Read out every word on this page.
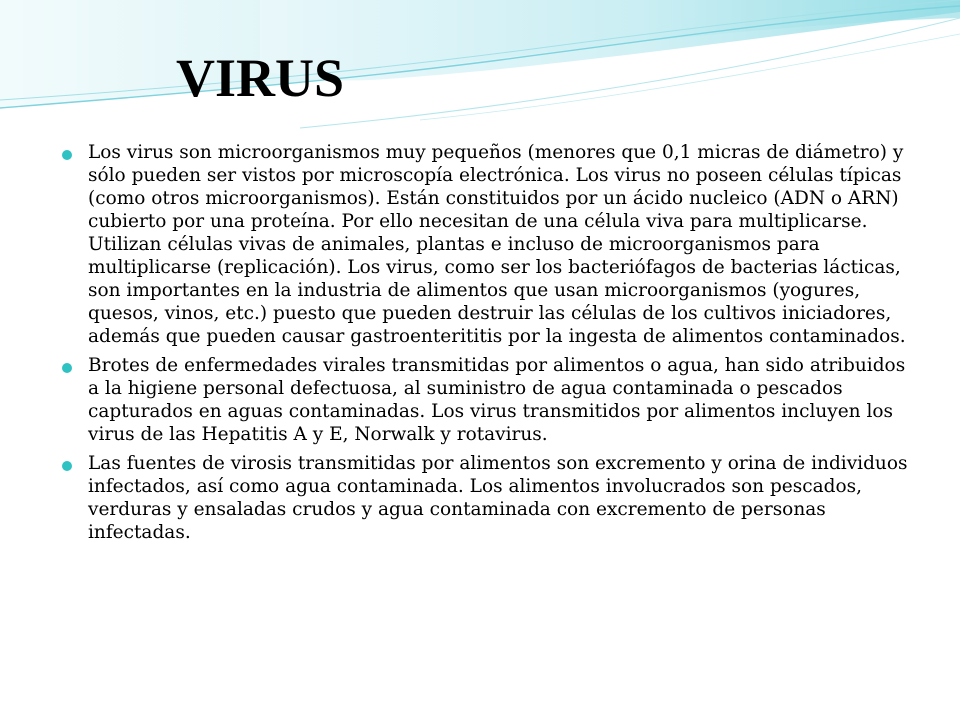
VIRUS
Los virus son microorganismos muy pequeños (menores que 0,1 micras de diámetro) y sólo pueden ser vistos por microscopía electrónica. Los virus no poseen células típicas (como otros microorganismos). Están constituidos por un ácido nucleico (ADN o ARN) cubierto por una proteína. Por ello necesitan de una célula viva para multiplicarse. Utilizan células vivas de animales, plantas e incluso de microorganismos para multiplicarse (replicación). Los virus, como ser los bacteriófagos de bacterias lácticas, son importantes en la industria de alimentos que usan microorganismos (yogures, quesos, vinos, etc.) puesto que pueden destruir las células de los cultivos iniciadores, además que pueden causar gastroenterititis por la ingesta de alimentos contaminados.
Brotes de enfermedades virales transmitidas por alimentos o agua, han sido atribuidos a la higiene personal defectuosa, al suministro de agua contaminada o pescados capturados en aguas contaminadas. Los virus transmitidos por alimentos incluyen los virus de las Hepatitis A y E, Norwalk y rotavirus.
Las fuentes de virosis transmitidas por alimentos son excremento y orina de individuos infectados, así como agua contaminada. Los alimentos involucrados son pescados, verduras y ensaladas crudos y agua contaminada con excremento de personas infectadas.
